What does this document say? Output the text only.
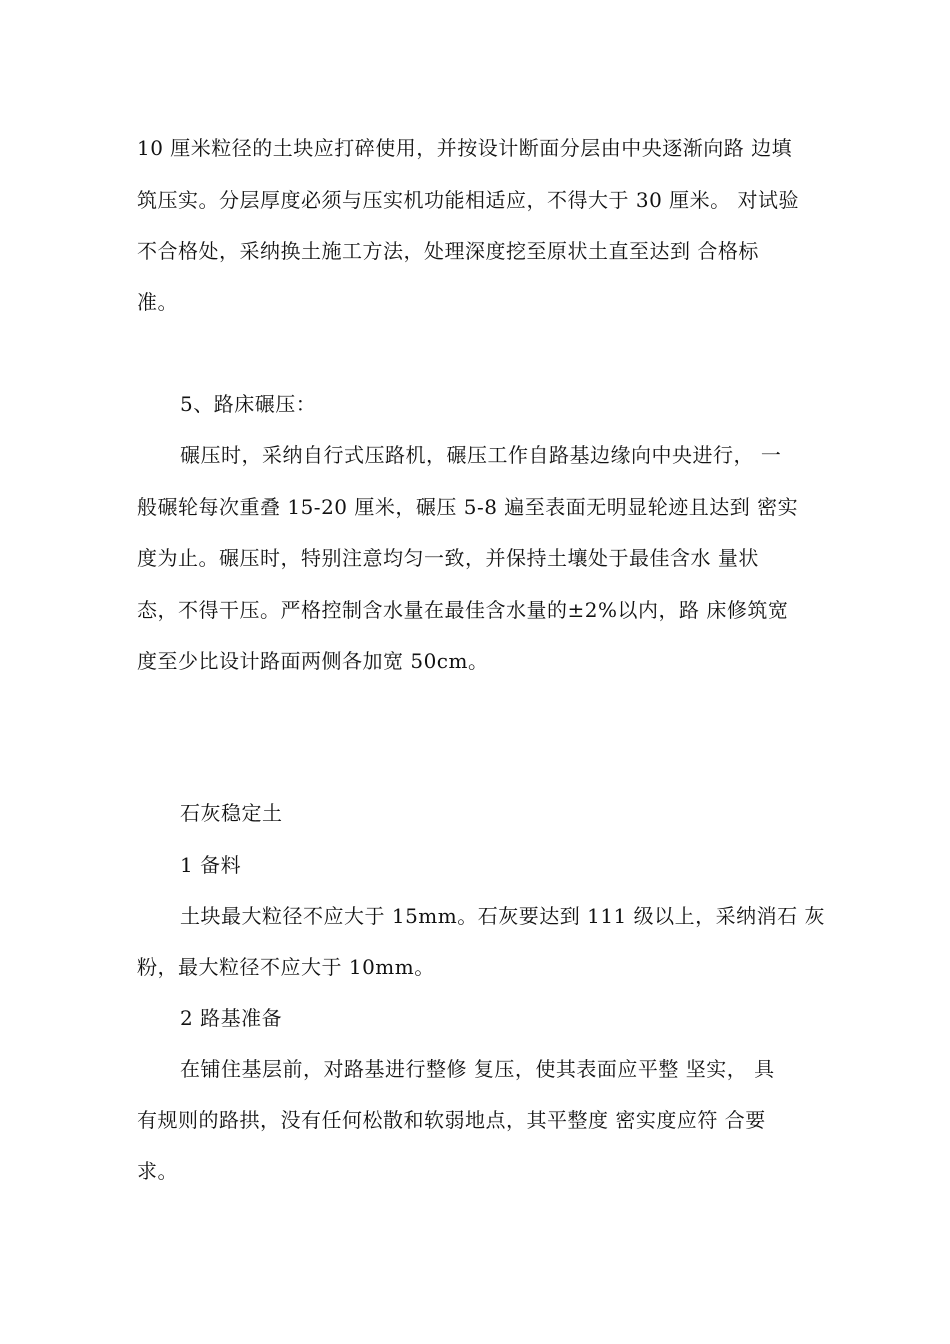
10 厘米粒径的土块应打碎使用，并按设计断面分层由中央逐渐向路 边填
筑压实。分层厚度必须与压实机功能相适应，不得大于 30 厘米。 对试验
不合格处，采纳换土施工方法，处理深度挖至原状土直至达到 合格标
准。
5、路床碾压：
碾压时，采纳自行式压路机，碾压工作自路基边缘向中央进行， 一
般碾轮每次重叠 15-20 厘米，碾压 5-8 遍至表面无明显轮迹且达到 密实
度为止。碾压时，特别注意均匀一致，并保持土壤处于最佳含水 量状
态，不得干压。严格控制含水量在最佳含水量的±2%以内，路 床修筑宽
度至少比设计路面两侧各加宽 50cm。
石灰稳定土
1 备料
土块最大粒径不应大于 15mm。石灰要达到 111 级以上，采纳消石 灰
粉，最大粒径不应大于 10mm。
2 路基准备
在铺住基层前，对路基进行整修 复压，使其表面应平整 坚实， 具
有规则的路拱，没有任何松散和软弱地点，其平整度 密实度应符 合要
求。
